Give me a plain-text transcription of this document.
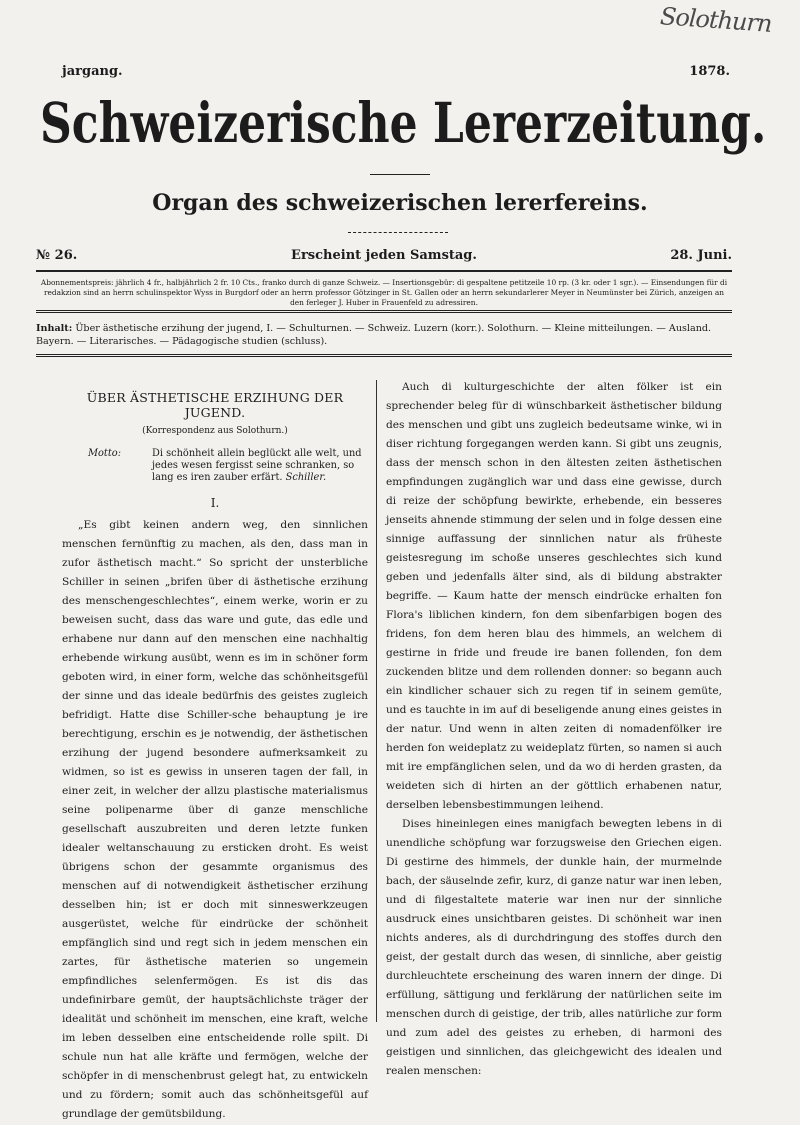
Solothurn
jargang.	1878.
Schweizerische Lererzeitung.
Organ des schweizerischen lererfereins.
№ 26.	Erscheint jeden Samstag.	28. Juni.
Abonnementspreis: jährlich 4 fr., halbjährlich 2 fr. 10 Cts., franko durch di ganze Schweiz. — Insertionsgebür: di gespaltene petitzeile 10 rp. (3 kr. oder 1 sgr.). — Einsendungen für di redakzion sind an herrn schulinspektor Wyss in Burgdorf oder an herrn professor Götzinger in St. Gallen oder an herrn sekundarlerer Meyer in Neumünster bei Zürich, anzeigen an den ferleger J. Huber in Frauenfeld zu adressiren.
Inhalt: Über ästhetische erzihung der jugend, I. — Schulturnen. — Schweiz. Luzern (korr.). Solothurn. — Kleine mitteilungen. — Ausland. Bayern. — Literarisches. — Pädagogische studien (schluss).
ÜBER ÄSTHETISCHE ERZIHUNG DER JUGEND.
(Korrespondenz aus Solothurn.)
Motto:	Di schönheit allein beglückt alle welt, und jedes wesen fergisst seine schranken, so lang es iren zauber erfärt. Schiller.
I.

„Es gibt keinen andern weg, den sinnlichen menschen fernünftig zu machen, als den, dass man in zufor ästhetisch macht.“ So spricht der unsterbliche Schiller in seinen „brifen über di ästhetische erzihung des menschengeschlechtes“, einem werke, worin er zu beweisen sucht, dass das ware und gute, das edle und erhabene nur dann auf den menschen eine nachhaltig erhebende wirkung ausübt, wenn es im in schöner form geboten wird, in einer form, welche das schönheitsgefül der sinne und das ideale bedürfnis des geistes zugleich befridigt. Hatte dise Schiller-sche behauptung je ire berechtigung, erschin es je notwendig, der ästhetischen erzihung der jugend besondere aufmerksamkeit zu widmen, so ist es gewiss in unseren tagen der fall, in einer zeit, in welcher der allzu plastische materialismus seine polipenarme über di ganze menschliche gesellschaft auszubreiten und deren letzte funken idealer weltanschauung zu ersticken droht. Es weist übrigens schon der gesammte organismus des menschen auf di notwendigkeit ästhetischer erzihung desselben hin; ist er doch mit sinneswerkzeugen ausgerüstet, welche für eindrücke der schönheit empfänglich sind und regt sich in jedem menschen ein zartes, für ästhetische materien so ungemein empfindliches selenfermögen. Es ist dis das undefinirbare gemüt, der hauptsächlichste träger der idealität und schönheit im menschen, eine kraft, welche im leben desselben eine entscheidende rolle spilt. Di schule nun hat alle kräfte und fermögen, welche der schöpfer in di menschenbrust gelegt hat, zu entwickeln und zu fördern; somit auch das schönheitsgefül auf grundlage der gemütsbildung.

Auch di kulturgeschichte der alten fölker ist ein sprechender beleg für di wünschbarkeit ästhetischer bildung des menschen und gibt uns zugleich bedeutsame winke, wi in diser richtung forgegangen werden kann. Si gibt uns zeugnis, dass der mensch schon in den ältesten zeiten ästhetischen empfindungen zugänglich war und dass eine gewisse, durch di reize der schöpfung bewirkte, erhebende, ein besseres jenseits ahnende stimmung der selen und in folge dessen eine sinnige auffassung der sinnlichen natur als früheste geistesregung im schoße unseres geschlechtes sich kund geben und jedenfalls älter sind, als di bildung abstrakter begriffe. — Kaum hatte der mensch eindrücke erhalten fon Flora's liblichen kindern, fon dem sibenfarbigen bogen des fridens, fon dem heren blau des himmels, an welchem di gestirne in fride und freude ire banen follenden, fon dem zuckenden blitze und dem rollenden donner: so begann auch ein kindlicher schauer sich zu regen tif in seinem gemüte, und es tauchte in im auf di beseligende anung eines geistes in der natur. Und wenn in alten zeiten di nomadenfölker ire herden fon weideplatz zu weideplatz fürten, so namen si auch mit ire empfänglichen selen, und da wo di herden grasten, da weideten sich di hirten an der göttlich erhabenen natur, derselben lebensbestimmungen leihend.

Dises hineinlegen eines manigfach bewegten lebens in di unendliche schöpfung war forzugsweise den Griechen eigen. Di gestirne des himmels, der dunkle hain, der murmelnde bach, der säuselnde zefir, kurz, di ganze natur war inen leben, und di filgestaltete materie war inen nur der sinnliche ausdruck eines unsichtbaren geistes. Di schönheit war inen nichts anderes, als di durchdringung des stoffes durch den geist, der gestalt durch das wesen, di sinnliche, aber geistig durchleuchtete erscheinung des waren innern der dinge. Di erfüllung, sättigung und ferklärung der natürlichen seite im menschen durch di geistige, der trib, alles natürliche zur form und zum adel des geistes zu erheben, di harmoni des geistigen und sinnlichen, das gleichgewicht des idealen und realen menschen:
